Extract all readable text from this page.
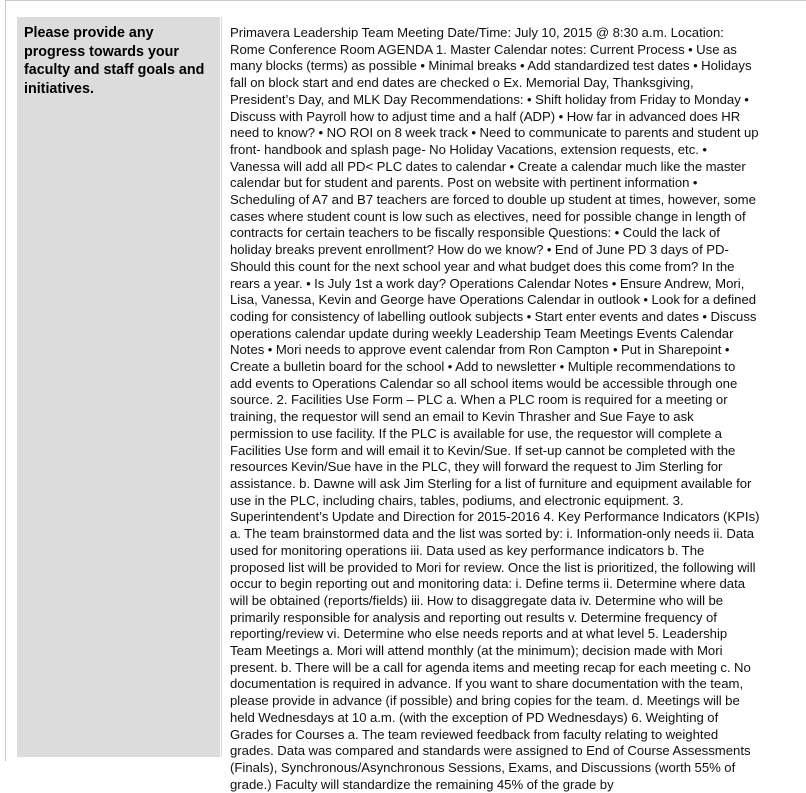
Please provide any progress towards your faculty and staff goals and initiatives.

Primavera Leadership Team Meeting Date/Time: July 10, 2015 @ 8:30 a.m. Location: Rome Conference Room AGENDA 1. Master Calendar notes: Current Process • Use as many blocks (terms) as possible • Minimal breaks • Add standardized test dates • Holidays fall on block start and end dates are checked o Ex. Memorial Day, Thanksgiving, President’s Day, and MLK Day Recommendations: • Shift holiday from Friday to Monday • Discuss with Payroll how to adjust time and a half (ADP) • How far in advanced does HR need to know? • NO ROI on 8 week track • Need to communicate to parents and student up front- handbook and splash page- No Holiday Vacations, extension requests, etc. • Vanessa will add all PD< PLC dates to calendar • Create a calendar much like the master calendar but for student and parents. Post on website with pertinent information • Scheduling of A7 and B7 teachers are forced to double up student at times, however, some cases where student count is low such as electives, need for possible change in length of contracts for certain teachers to be fiscally responsible Questions: • Could the lack of holiday breaks prevent enrollment? How do we know? • End of June PD 3 days of PD-Should this count for the next school year and what budget does this come from? In the rears a year. • Is July 1st a work day? Operations Calendar Notes • Ensure Andrew, Mori, Lisa, Vanessa, Kevin and George have Operations Calendar in outlook • Look for a defined coding for consistency of labelling outlook subjects • Start enter events and dates • Discuss operations calendar update during weekly Leadership Team Meetings Events Calendar Notes • Mori needs to approve event calendar from Ron Campton • Put in Sharepoint • Create a bulletin board for the school • Add to newsletter • Multiple recommendations to add events to Operations Calendar so all school items would be accessible through one source. 2. Facilities Use Form – PLC a. When a PLC room is required for a meeting or training, the requestor will send an email to Kevin Thrasher and Sue Faye to ask permission to use facility. If the PLC is available for use, the requestor will complete a Facilities Use form and will email it to Kevin/Sue. If set-up cannot be completed with the resources Kevin/Sue have in the PLC, they will forward the request to Jim Sterling for assistance. b. Dawne will ask Jim Sterling for a list of furniture and equipment available for use in the PLC, including chairs, tables, podiums, and electronic equipment. 3. Superintendent’s Update and Direction for 2015-2016 4. Key Performance Indicators (KPIs) a. The team brainstormed data and the list was sorted by: i. Information-only needs ii. Data used for monitoring operations iii. Data used as key performance indicators b. The proposed list will be provided to Mori for review. Once the list is prioritized, the following will occur to begin reporting out and monitoring data: i. Define terms ii. Determine where data will be obtained (reports/fields) iii. How to disaggregate data iv. Determine who will be primarily responsible for analysis and reporting out results v. Determine frequency of reporting/review vi. Determine who else needs reports and at what level 5. Leadership Team Meetings a. Mori will attend monthly (at the minimum); decision made with Mori present. b. There will be a call for agenda items and meeting recap for each meeting c. No documentation is required in advance. If you want to share documentation with the team, please provide in advance (if possible) and bring copies for the team. d. Meetings will be held Wednesdays at 10 a.m. (with the exception of PD Wednesdays) 6. Weighting of Grades for Courses a. The team reviewed feedback from faculty relating to weighted grades. Data was compared and standards were assigned to End of Course Assessments (Finals), Synchronous/Asynchronous Sessions, Exams, and Discussions (worth 55% of grade.) Faculty will standardize the remaining 45% of the grade by
